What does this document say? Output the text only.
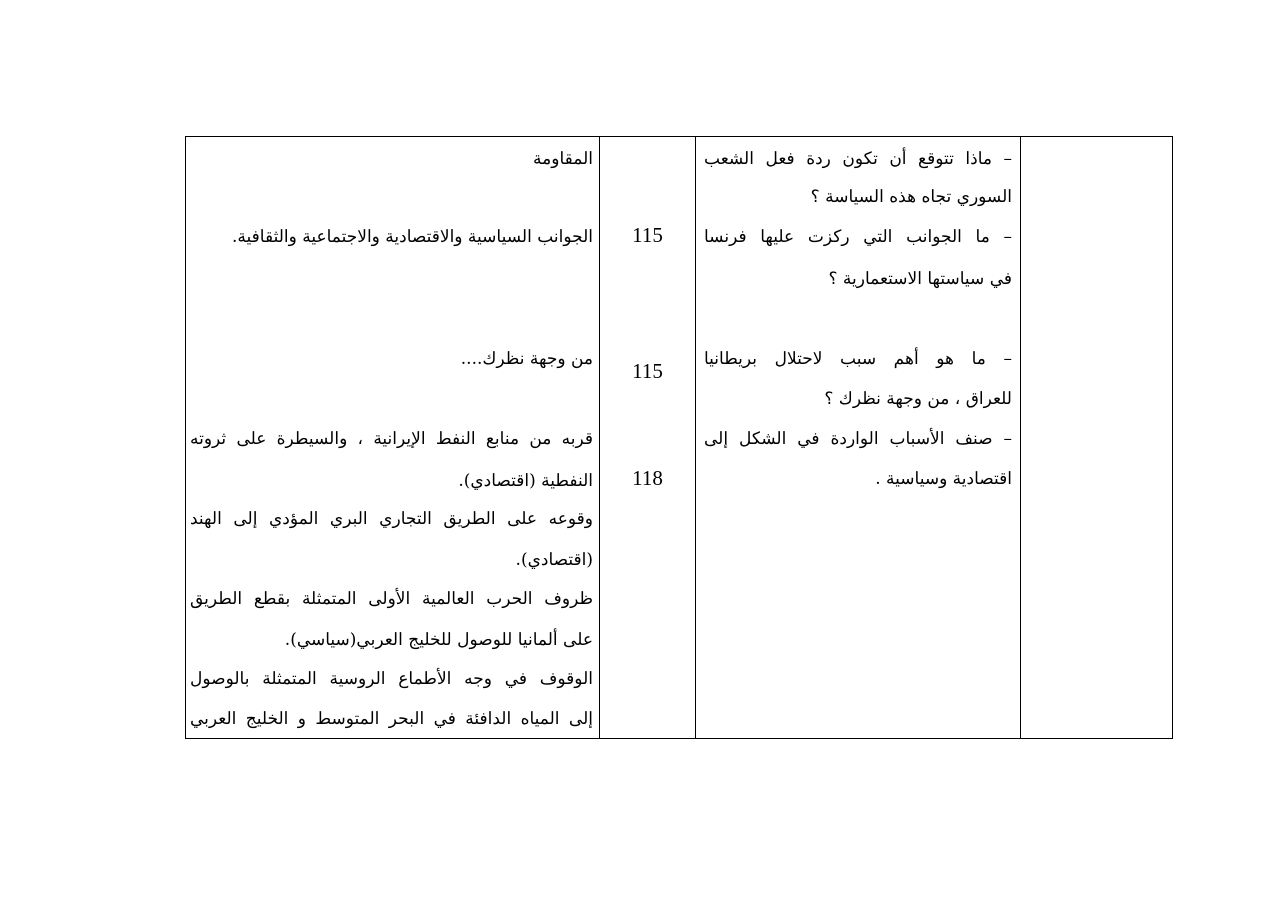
– ماذا تتوقع أن تكون ردة فعل الشعب
السوري تجاه هذه السياسة ؟
– ما الجوانب التي ركزت عليها فرنسا
في سياستها الاستعمارية ؟
– ما هو أهم سبب لاحتلال بريطانيا
للعراق ، من وجهة نظرك ؟
– صنف الأسباب الواردة في الشكل إلى
اقتصادية وسياسية .
115
115
118
المقاومة
الجوانب السياسية والاقتصادية والاجتماعية والثقافية.
من وجهة نظرك....
قربه من منابع النفط الإيرانية ، والسيطرة على ثروته
النفطية (اقتصادي).
وقوعه على الطريق التجاري البري المؤدي إلى الهند
(اقتصادي).
ظروف الحرب العالمية الأولى المتمثلة بقطع الطريق
على ألمانيا للوصول للخليج العربي(سياسي).
الوقوف في وجه الأطماع الروسية المتمثلة بالوصول
إلى المياه الدافئة في البحر المتوسط و الخليج العربي
